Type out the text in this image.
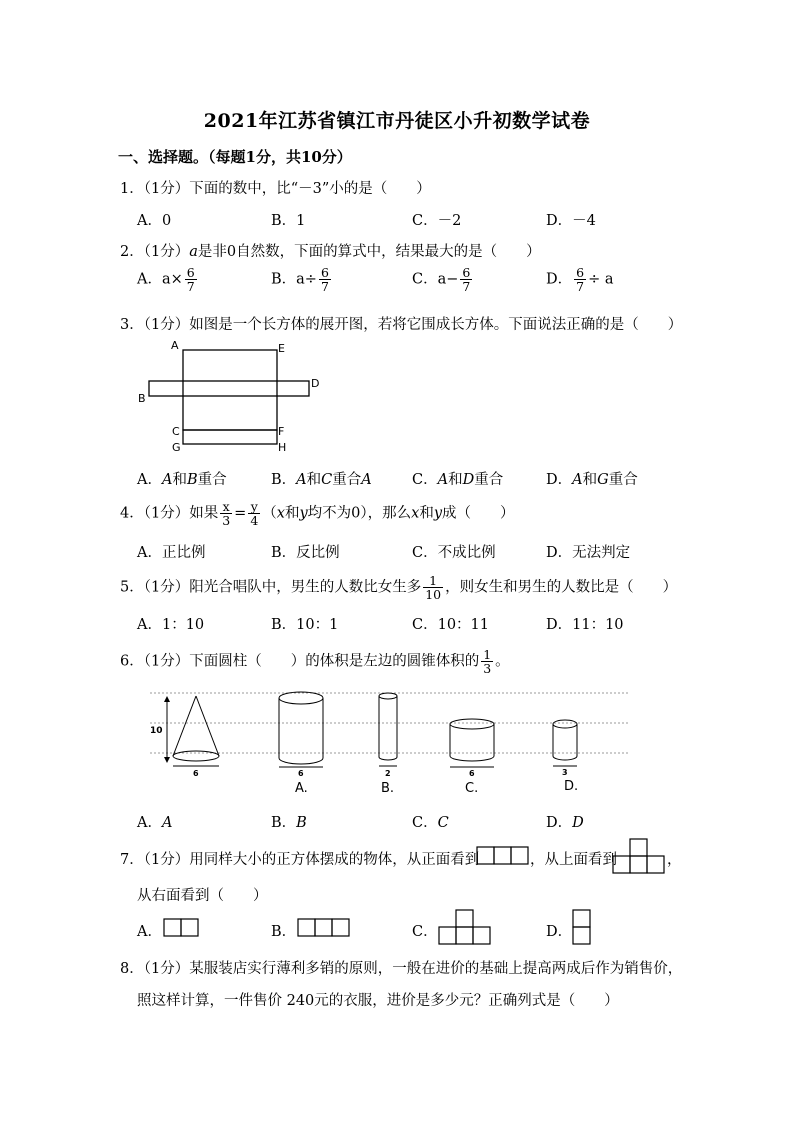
2021年江苏省镇江市丹徒区小升初数学试卷
一、选择题。（每题1分，共10分）
1．（1分）下面的数中，比“－3”小的是（　　）
A．0	B．1	C．－2	D．－4
2．（1分）a是非0自然数，下面的算式中，结果最大的是（　　）
A．$a\times \frac{6}{7}$	B．$a\div \frac{6}{7}$	C．$a- \frac{6}{7}$	D． $\frac{6}{7} \div a$
3．（1分）如图是一个长方体的展开图，若将它围成长方体。下面说法正确的是（　　）
A	E
D
B
C	F
G	H
A．A和B重合	B．A和C重合A	C．A和D重合	D．A和G重合
4．（1分）如果 $\frac{x}{3} = \frac{y}{4} (x$和y均不为0），那么x和y成（　　）
A．正比例	B．反比例	C．不成比例	D．无法判定
5．（1分）阳光合唱队中，男生的人数比女生多 $\frac{1}{10}$ ，则女生和男生的人数比是（　　）
A．1：10	B．10：1	C．10：11	D．11：10
6．（1分）下面圆柱（　　）的体积是左边的圆锥体积的 $\frac{1}{3}$ 。
10
6	6
A.
2
B.
6
C.
3
D.
A．A	B．B	C．C	D．D
7．（1分）用同样大小的正方体摆成的物体，从正面看到	，从上面看到	，
从右面看到（　　）
A．	B．	C．	D．
8．（1分）某服装店实行薄利多销的原则，一般在进价的基础上提高两成后作为销售价，
照这样计算，一件售价 240元的衣服，进价是多少元？正确列式是（　　）
